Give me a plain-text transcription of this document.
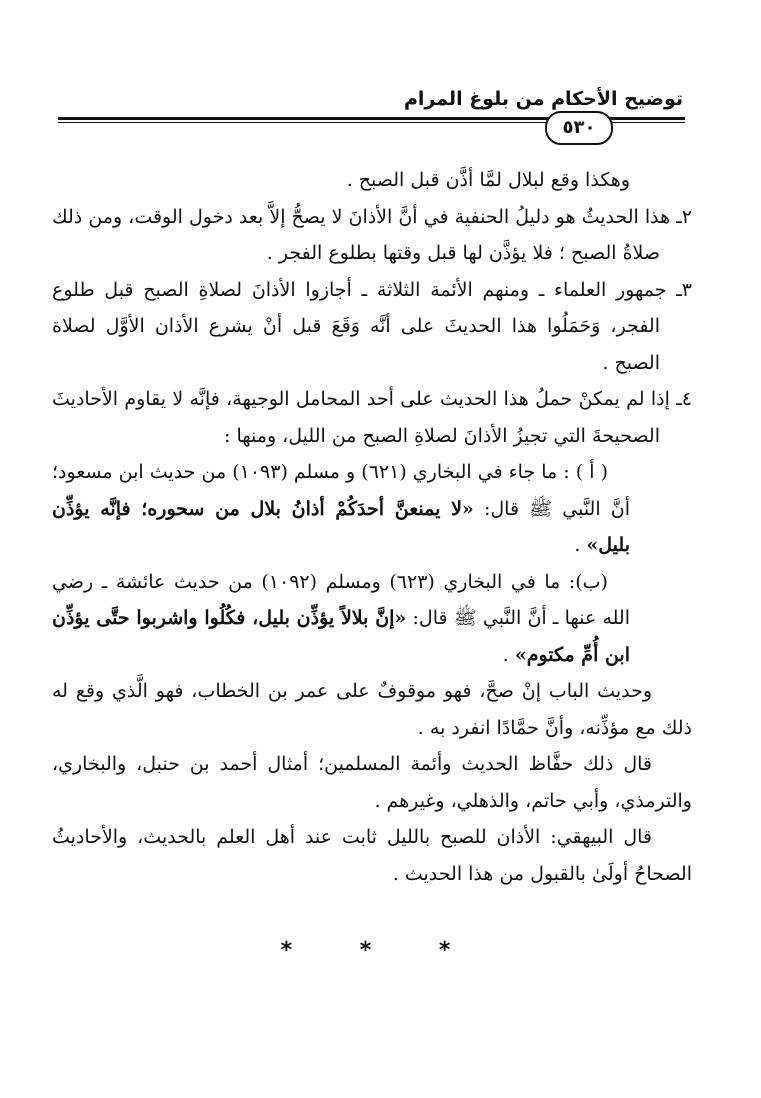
توضيح الأحكام من بلوغ المرام
٥٣٠

وهكذا وقع لبلال لمَّا أذَّن قبل الصبح .

٢ـ هذا الحديثُ هو دليلُ الحنفية في أنَّ الأذانَ لا يصحُّ إلاَّ بعد دخول الوقت، ومن ذلك صلاةُ الصبح ؛ فلا يؤذَّن لها قبل وقتها بطلوع الفجر .

٣ـ جمهور العلماء ـ ومنهم الأئمة الثلاثة ـ أجازوا الأذانَ لصلاةِ الصبح قبل طلوع الفجر، وَحَمَلُوا هذا الحديثَ على أنَّه وَقَعَ قبل أنْ يشرع الأذان الأوَّل لصلاة الصبح .

٤ـ إذا لم يمكنْ حملُ هذا الحديث على أحد المحامل الوجيهة، فإنَّه لا يقاوم الأحاديثَ الصحيحةَ التي تجيزُ الأذانَ لصلاةِ الصبح من الليل، ومنها :

( أ ) : ما جاء في البخاري (٦٢١) و مسلم (١٠٩٣) من حديث ابن مسعود؛ أنَّ النَّبي ﷺ قال: «لا يمنعنَّ أحدَكُمْ أذانُ بلال من سحوره؛ فإنَّه يؤذِّن بليل» .

(ب): ما في البخاري (٦٢٣) ومسلم (١٠٩٢) من حديث عائشة ـ رضي الله عنها ـ أنَّ النَّبي ﷺ قال: «إنَّ بلالاً يؤذِّن بليل، فكُلُوا واشربوا حتَّى يؤذِّن ابن أُمِّ مكتوم» .

وحديث الباب إنْ صحَّ، فهو موقوفٌ على عمر بن الخطاب، فهو الَّذي وقع له ذلك مع مؤذِّنه، وأنَّ حمَّادًا انفرد به .

قال ذلك حفَّاظ الحديث وأئمة المسلمين؛ أمثال أحمد بن حنبل، والبخاري، والترمذي، وأبي حاتم، والذهلي، وغيرهم .

قال البيهقي: الأذان للصبح بالليل ثابت عند أهل العلم بالحديث، والأحاديثُ الصحاحُ أولَىٰ بالقبول من هذا الحديث .

* * *
